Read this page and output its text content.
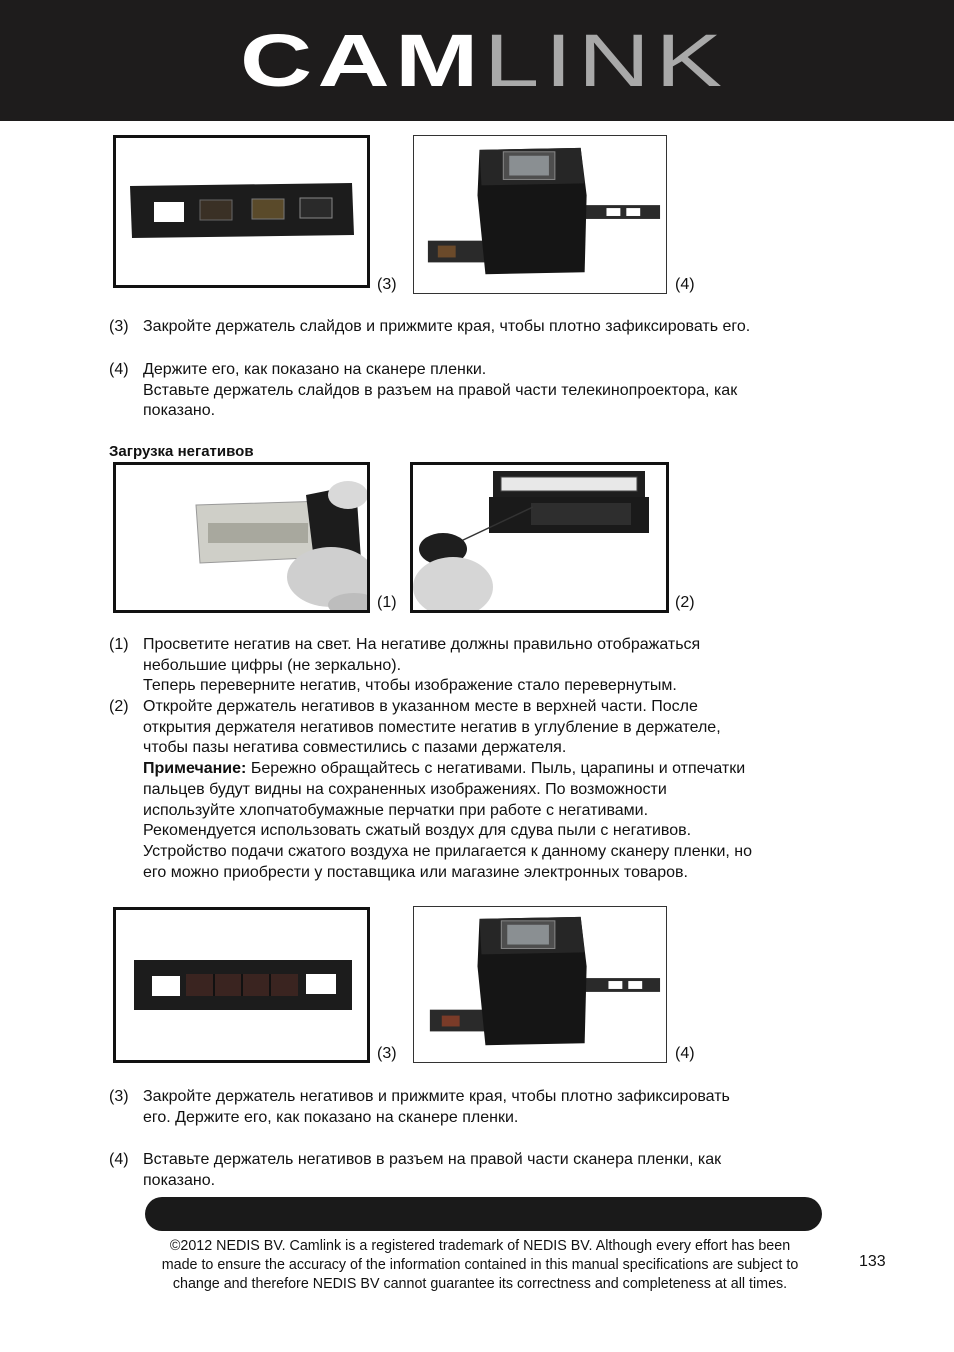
CAMLINK
(3)	(4)
(3) Закройте держатель слайдов и прижмите края, чтобы плотно зафиксировать его.
(4) Держите его, как показано на сканере пленки.
Вставьте держатель слайдов в разъем на правой части телекинопроектора, как
показано.
Загрузка негативов
(1)	(2)
(1) Просветите негатив на свет. На негативе должны правильно отображаться
небольшие цифры (не зеркально).
Теперь переверните негатив, чтобы изображение стало перевернутым.
(2) Откройте держатель негативов в указанном месте в верхней части. После
открытия держателя негативов поместите негатив в углубление в держателе,
чтобы пазы негатива совместились с пазами держателя.
Примечание: Бережно обращайтесь с негативами. Пыль, царапины и отпечатки
пальцев будут видны на сохраненных изображениях. По возможности
используйте хлопчатобумажные перчатки при работе с негативами.
Рекомендуется использовать сжатый воздух для сдува пыли с негативов.
Устройство подачи сжатого воздуха не прилагается к данному сканеру пленки, но
его можно приобрести у поставщика или магазине электронных товаров.
(3)	(4)
(3) Закройте держатель негативов и прижмите края, чтобы плотно зафиксировать
его. Держите его, как показано на сканере пленки.
(4) Вставьте держатель негативов в разъем на правой части сканера пленки, как
показано.
©2012 NEDIS BV. Camlink is a registered trademark of NEDIS BV. Although every effort has been
made to ensure the accuracy of the information contained in this manual specifications are subject to
change and therefore NEDIS BV cannot guarantee its correctness and completeness at all times.
133
